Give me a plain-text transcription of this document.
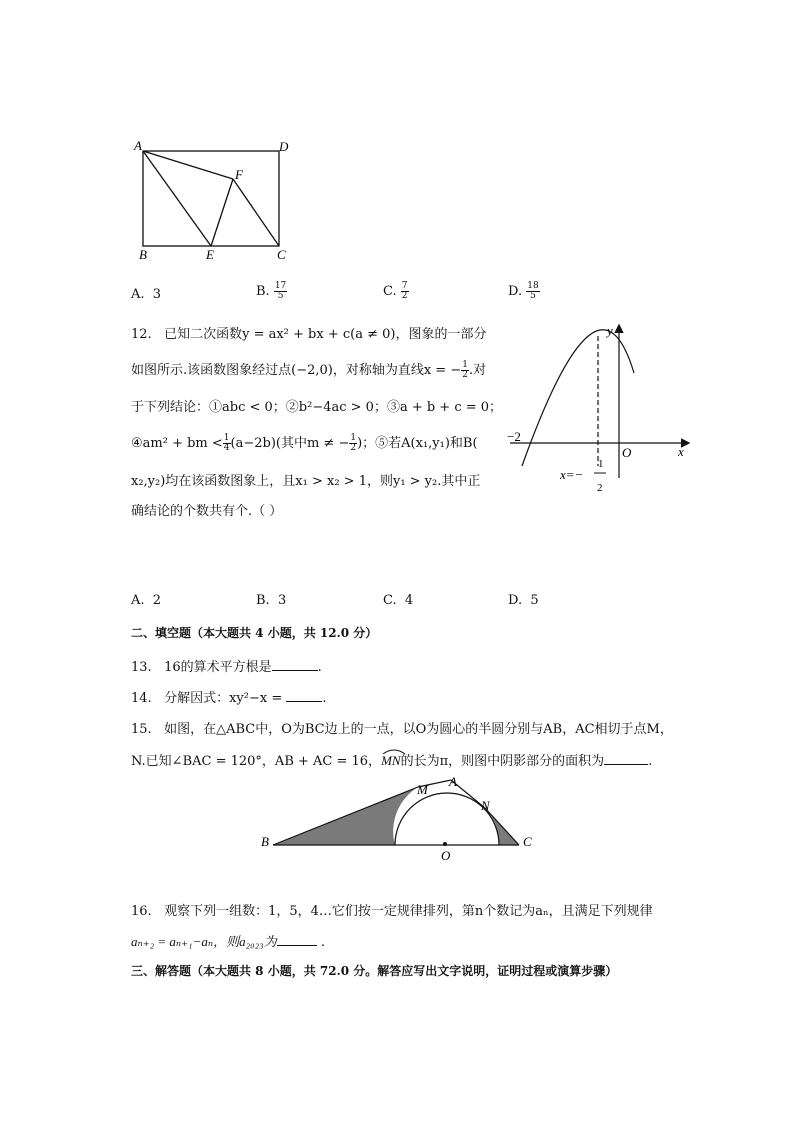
A	D
F
B	E	C
A. 3	B. $\frac{17}{5}$	C. $\frac{7}{2}$	D. $\frac{18}{5}$
12. 已知二次函数y = ax² + bx + c(a ≠ 0)，图象的一部分
如图所示.该函数图象经过点(−2,0)，对称轴为直线x = − $\frac{1}{2}$ .对
于下列结论：①abc < 0；②b²−4ac > 0；③a + b + c = 0；
④am² + bm < $\frac{1}{4} (a-2b)$(其中m ≠ − $\frac{1}{2}$ )；⑤若A(x₁,y₁)和B(
x₂,y₂)均在该函数图象上，且x₁ > x₂ > 1，则y₁ > y₂.其中正
确结论的个数共有个.（ ）
y
x
O
−2
x=−
1
2
A. 2	B. 3	C. 4	D. 5
二、填空题（本大题共 4 小题，共 12.0 分）
13. 16的算术平方根是	.
14. 分解因式：xy²−x =	.
15. 如图，在△ABC中，O为BC边上的一点，以O为圆心的半圆分别与AB，AC相切于点M，
N.已知∠BAC = 120°，AB + AC = 16，
MN的长为π，则图中阴影部分的面积为	.
B	C
O
M
A
N
16. 观察下列一组数：1，5，4…它们按一定规律排列，第n个数记为aₙ，且满足下列规律
aₙ₊₂ = aₙ₊₁−aₙ，则a₂₀₂₃为	.
三、解答题（本大题共 8 小题，共 72.0 分。解答应写出文字说明，证明过程或演算步骤）
